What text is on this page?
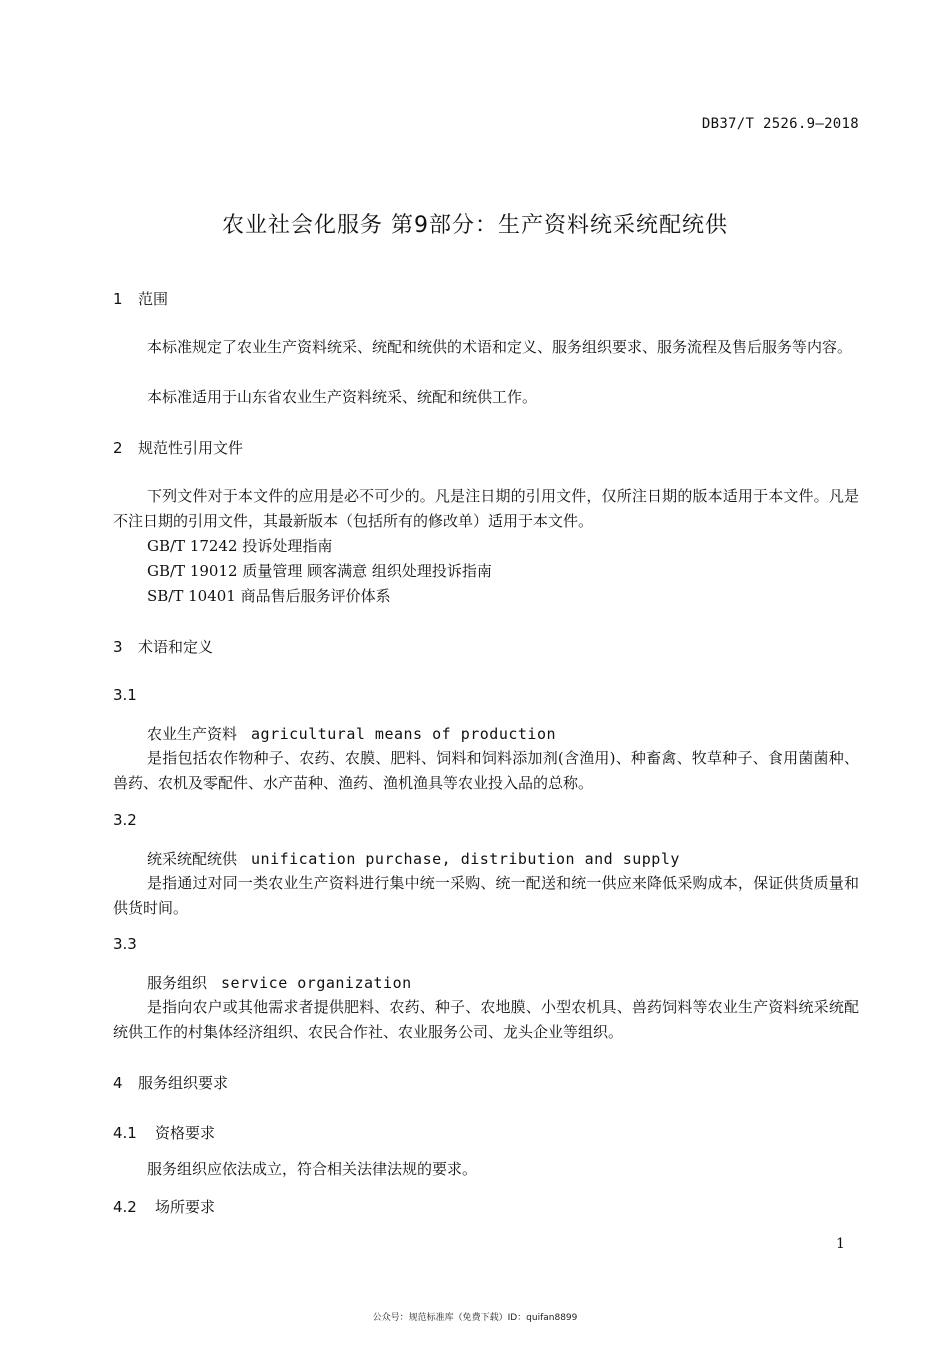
DB37/T 2526.9—2018
农业社会化服务 第9部分：生产资料统采统配统供
1 范围
本标准规定了农业生产资料统采、统配和统供的术语和定义、服务组织要求、服务流程及售后服务等内容。
本标准适用于山东省农业生产资料统采、统配和统供工作。
2 规范性引用文件
下列文件对于本文件的应用是必不可少的。凡是注日期的引用文件，仅所注日期的版本适用于本文件。凡是不注日期的引用文件，其最新版本（包括所有的修改单）适用于本文件。
GB/T 17242 投诉处理指南
GB/T 19012 质量管理 顾客满意 组织处理投诉指南
SB/T 10401 商品售后服务评价体系
3 术语和定义
3.1
农业生产资料 agricultural means of production
是指包括农作物种子、农药、农膜、肥料、饲料和饲料添加剂(含渔用)、种畜禽、牧草种子、食用菌菌种、兽药、农机及零配件、水产苗种、渔药、渔机渔具等农业投入品的总称。
3.2
统采统配统供 unification purchase, distribution and supply
是指通过对同一类农业生产资料进行集中统一采购、统一配送和统一供应来降低采购成本，保证供货质量和供货时间。
3.3
服务组织 service organization
是指向农户或其他需求者提供肥料、农药、种子、农地膜、小型农机具、兽药饲料等农业生产资料统采统配统供工作的村集体经济组织、农民合作社、农业服务公司、龙头企业等组织。
4 服务组织要求
4.1 资格要求
服务组织应依法成立，符合相关法律法规的要求。
4.2 场所要求
1
公众号：规范标准库（免费下载）ID：quifan8899
